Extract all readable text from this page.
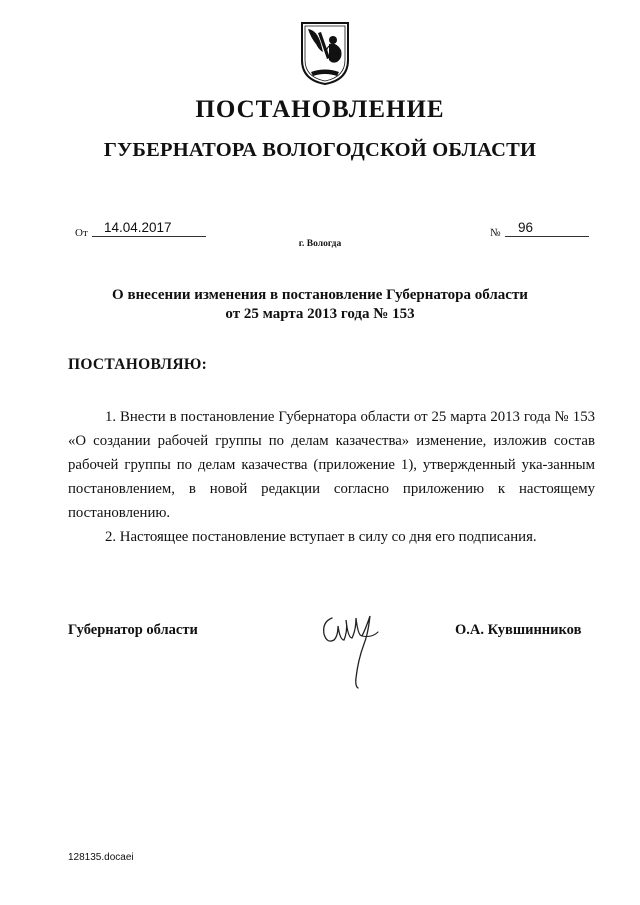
ПОСТАНОВЛЕНИЕ
ГУБЕРНАТОРА ВОЛОГОДСКОЙ ОБЛАСТИ
От 14.04.2017	№ 96
г. Вологда
О внесении изменения в постановление Губернатора области
от 25 марта 2013 года № 153
ПОСТАНОВЛЯЮ:

1. Внести в постановление Губернатора области от 25 марта 2013 года № 153 «О создании рабочей группы по делам казачества» изменение, изложив состав рабочей группы по делам казачества (приложение 1), утвержденный ука-занным постановлением, в новой редакции согласно приложению к настоящему постановлению.

2. Настоящее постановление вступает в силу со дня его подписания.

Губернатор области	О.А. Кувшинников
128135.docaei
